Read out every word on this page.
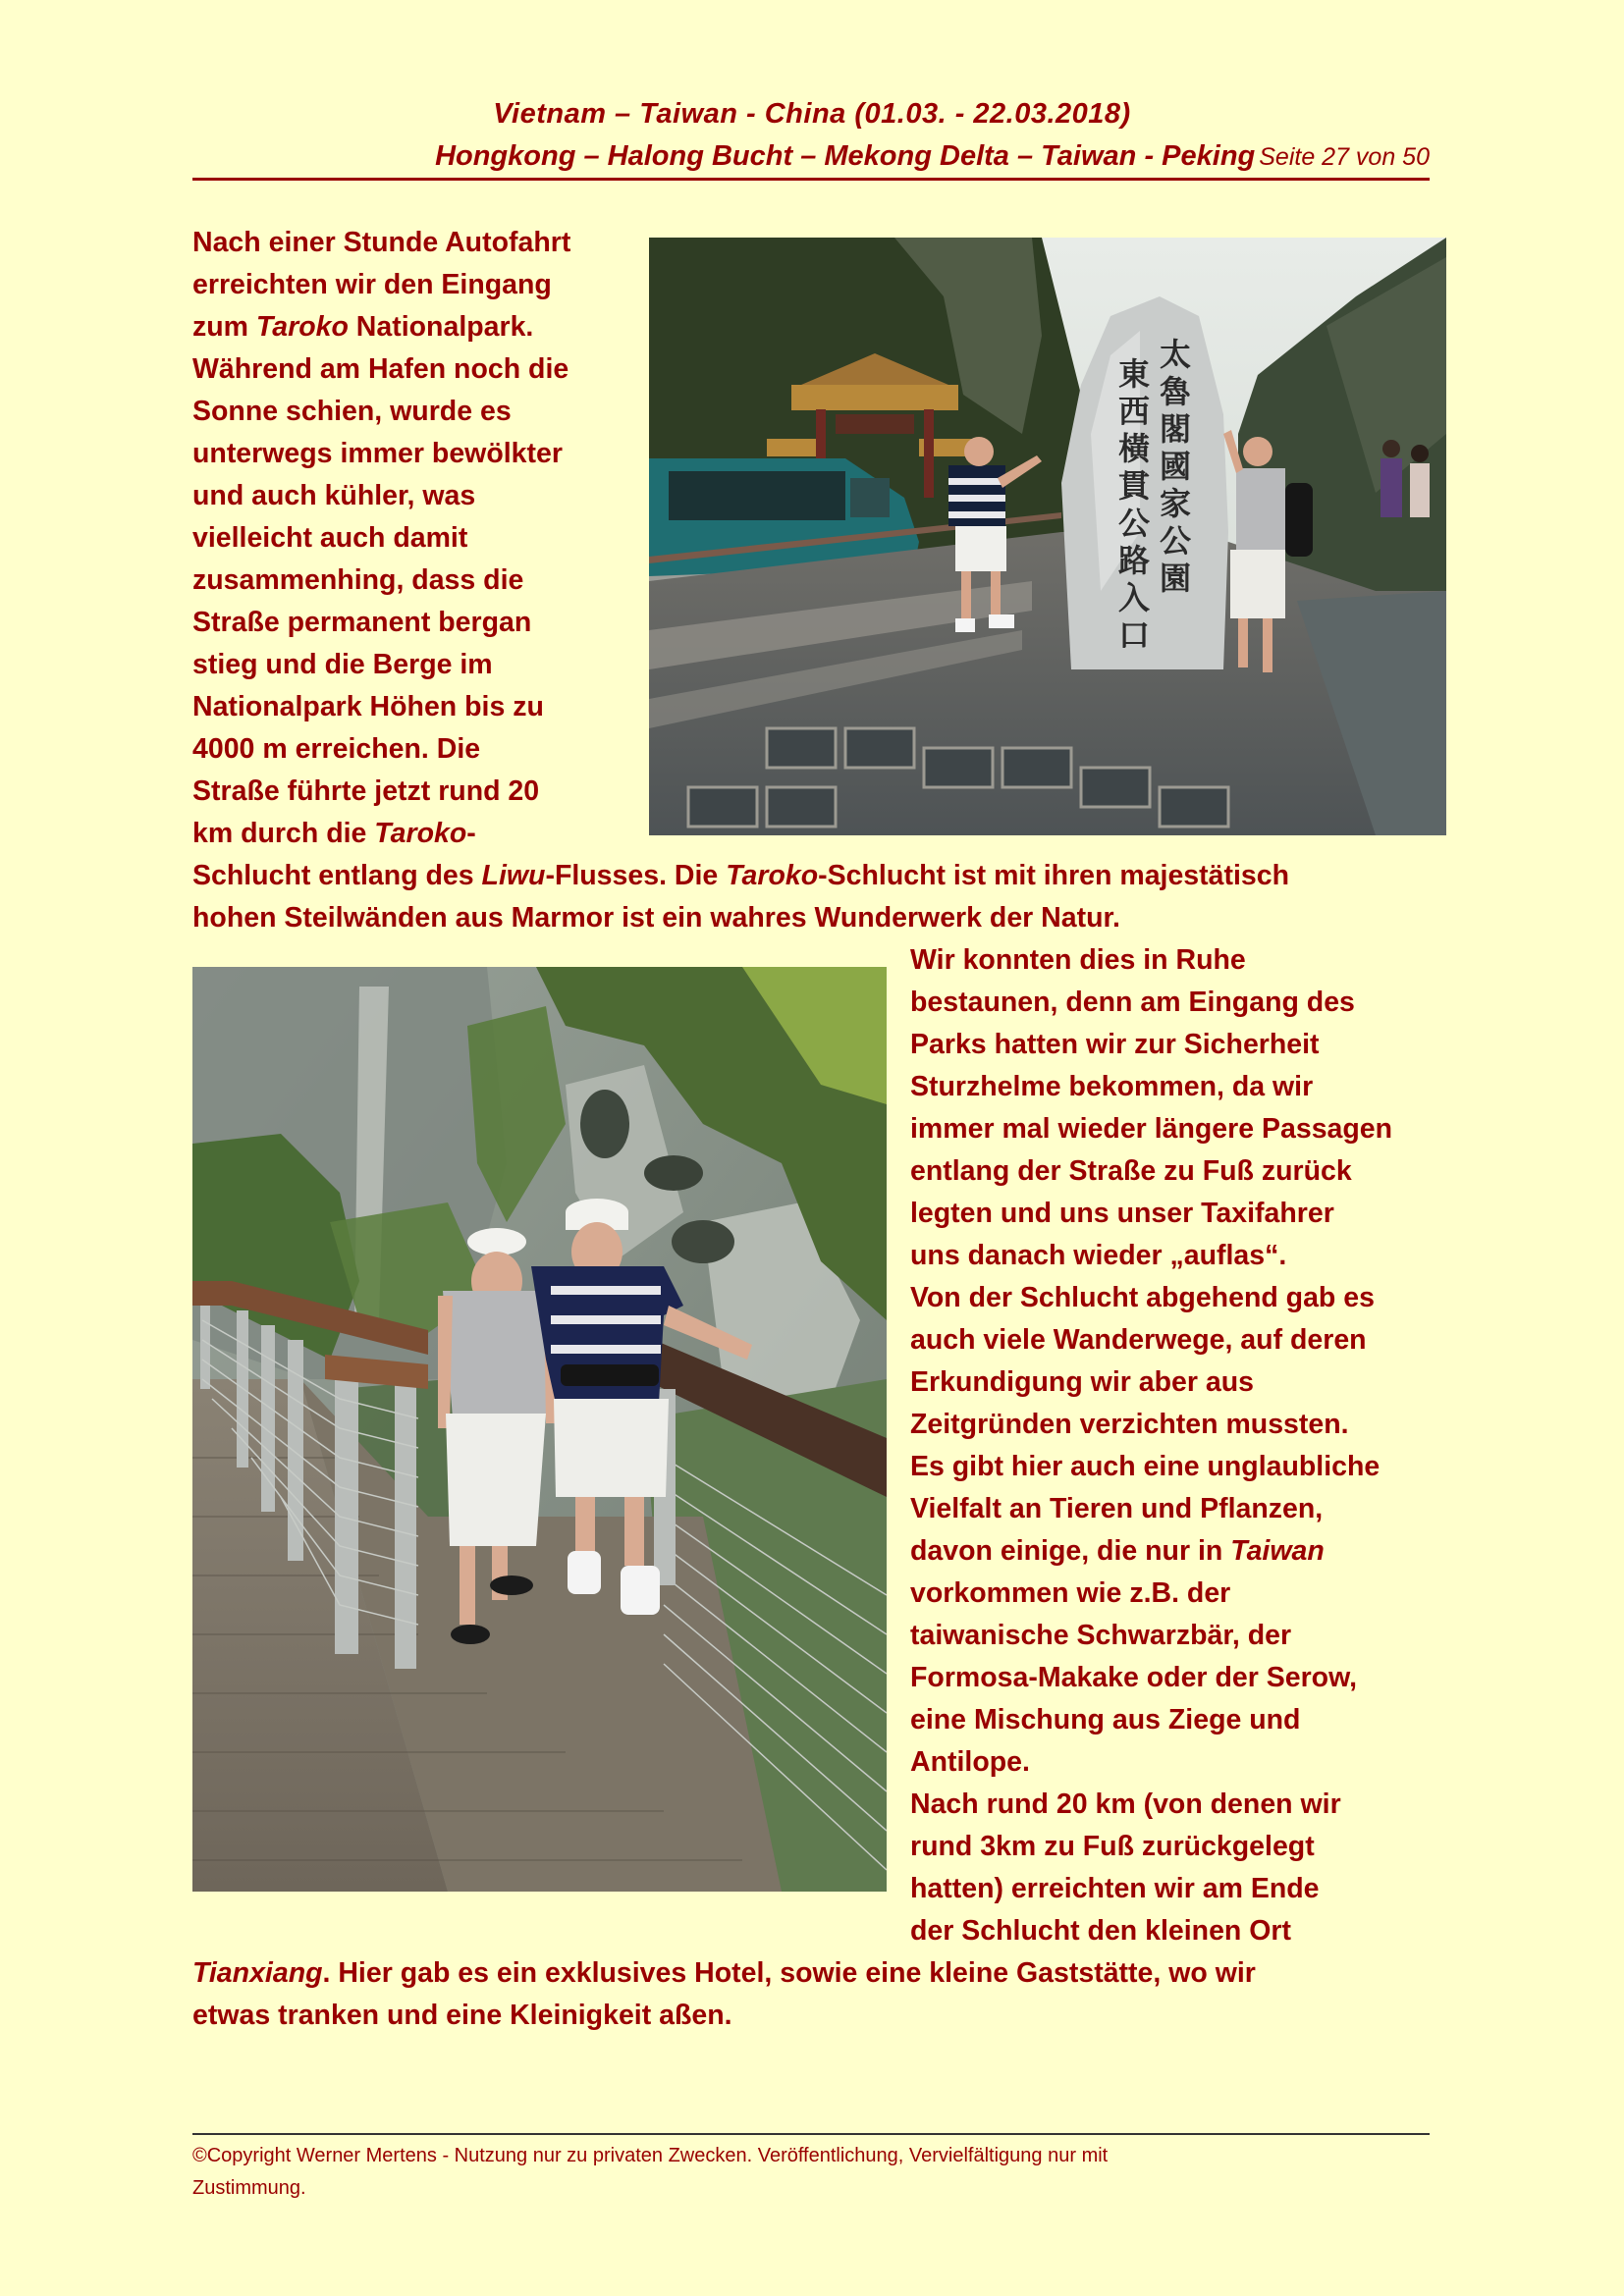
Vietnam – Taiwan - China (01.03. - 22.03.2018)
Hongkong – Halong Bucht – Mekong Delta – Taiwan - Peking Seite 27 von 50
太
魯
閣
國
家
公
園
東
西
橫
貫
公
路
入
口
Nach einer Stunde Autofahrt
erreichten wir den Eingang
zum Taroko Nationalpark.
Während am Hafen noch die
Sonne schien, wurde es
unterwegs immer bewölkter
und auch kühler, was
vielleicht auch damit
zusammenhing, dass die
Straße permanent bergan
stieg und die Berge im
Nationalpark Höhen bis zu
4000 m erreichen. Die
Straße führte jetzt rund 20
km durch die Taroko-
Schlucht entlang des Liwu-Flusses. Die Taroko-Schlucht ist mit ihren majestätisch
hohen Steilwänden aus Marmor ist ein wahres Wunderwerk der Natur.
Wir konnten dies in Ruhe
bestaunen, denn am Eingang des
Parks hatten wir zur Sicherheit
Sturzhelme bekommen, da wir
immer mal wieder längere Passagen
entlang der Straße zu Fuß zurück
legten und uns unser Taxifahrer
uns danach wieder „auflas“.
Von der Schlucht abgehend gab es
auch viele Wanderwege, auf deren
Erkundigung wir aber aus
Zeitgründen verzichten mussten.
Es gibt hier auch eine unglaubliche
Vielfalt an Tieren und Pflanzen,
davon einige, die nur in Taiwan
vorkommen wie z.B. der
taiwanische Schwarzbär, der
Formosa-Makake oder der Serow,
eine Mischung aus Ziege und
Antilope.
Nach rund 20 km (von denen wir
rund 3km zu Fuß zurückgelegt
hatten) erreichten wir am Ende
der Schlucht den kleinen Ort
Tianxiang. Hier gab es ein exklusives Hotel, sowie eine kleine Gaststätte, wo wir
etwas tranken und eine Kleinigkeit aßen.
©Copyright Werner Mertens - Nutzung nur zu privaten Zwecken. Veröffentlichung, Vervielfältigung nur mit
Zustimmung.
